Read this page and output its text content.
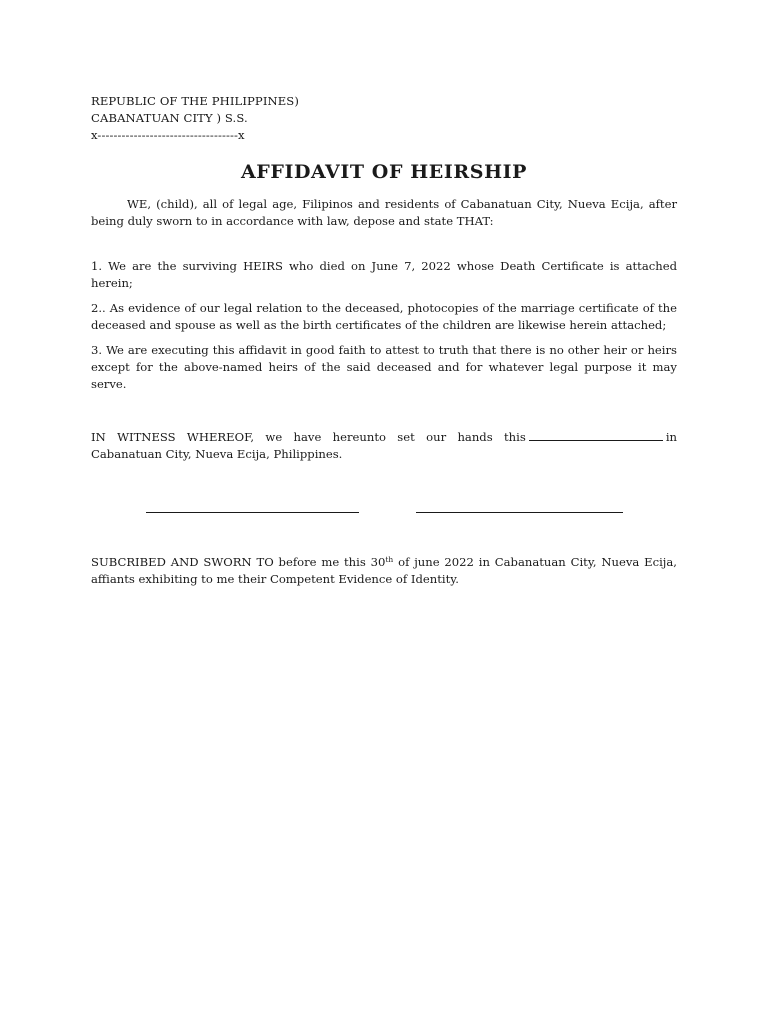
REPUBLIC OF THE PHILIPPINES)
CABANATUAN CITY ) S.S.
x-----------------------------------x
AFFIDAVIT OF HEIRSHIP

WE, (child), all of legal age, Filipinos and residents of Cabanatuan City, Nueva Ecija, after being duly sworn to in accordance with law, depose and state THAT:

1. We are the surviving HEIRS who died on June 7, 2022 whose Death Certificate is attached herein;

2.. As evidence of our legal relation to the deceased, photocopies of the marriage certificate of the deceased and spouse as well as the birth certificates of the children are likewise herein attached;

3. We are executing this affidavit in good faith to attest to truth that there is no other heir or heirs except for the above-named heirs of the said deceased and for whatever legal purpose it may serve.

IN WITNESS WHEREOF, we have hereunto set our hands this	in Cabanatuan City, Nueva Ecija, Philippines.

SUBCRIBED AND SWORN TO before me this 30th of june 2022 in Cabanatuan City, Nueva Ecija, affiants exhibiting to me their Competent Evidence of Identity.
